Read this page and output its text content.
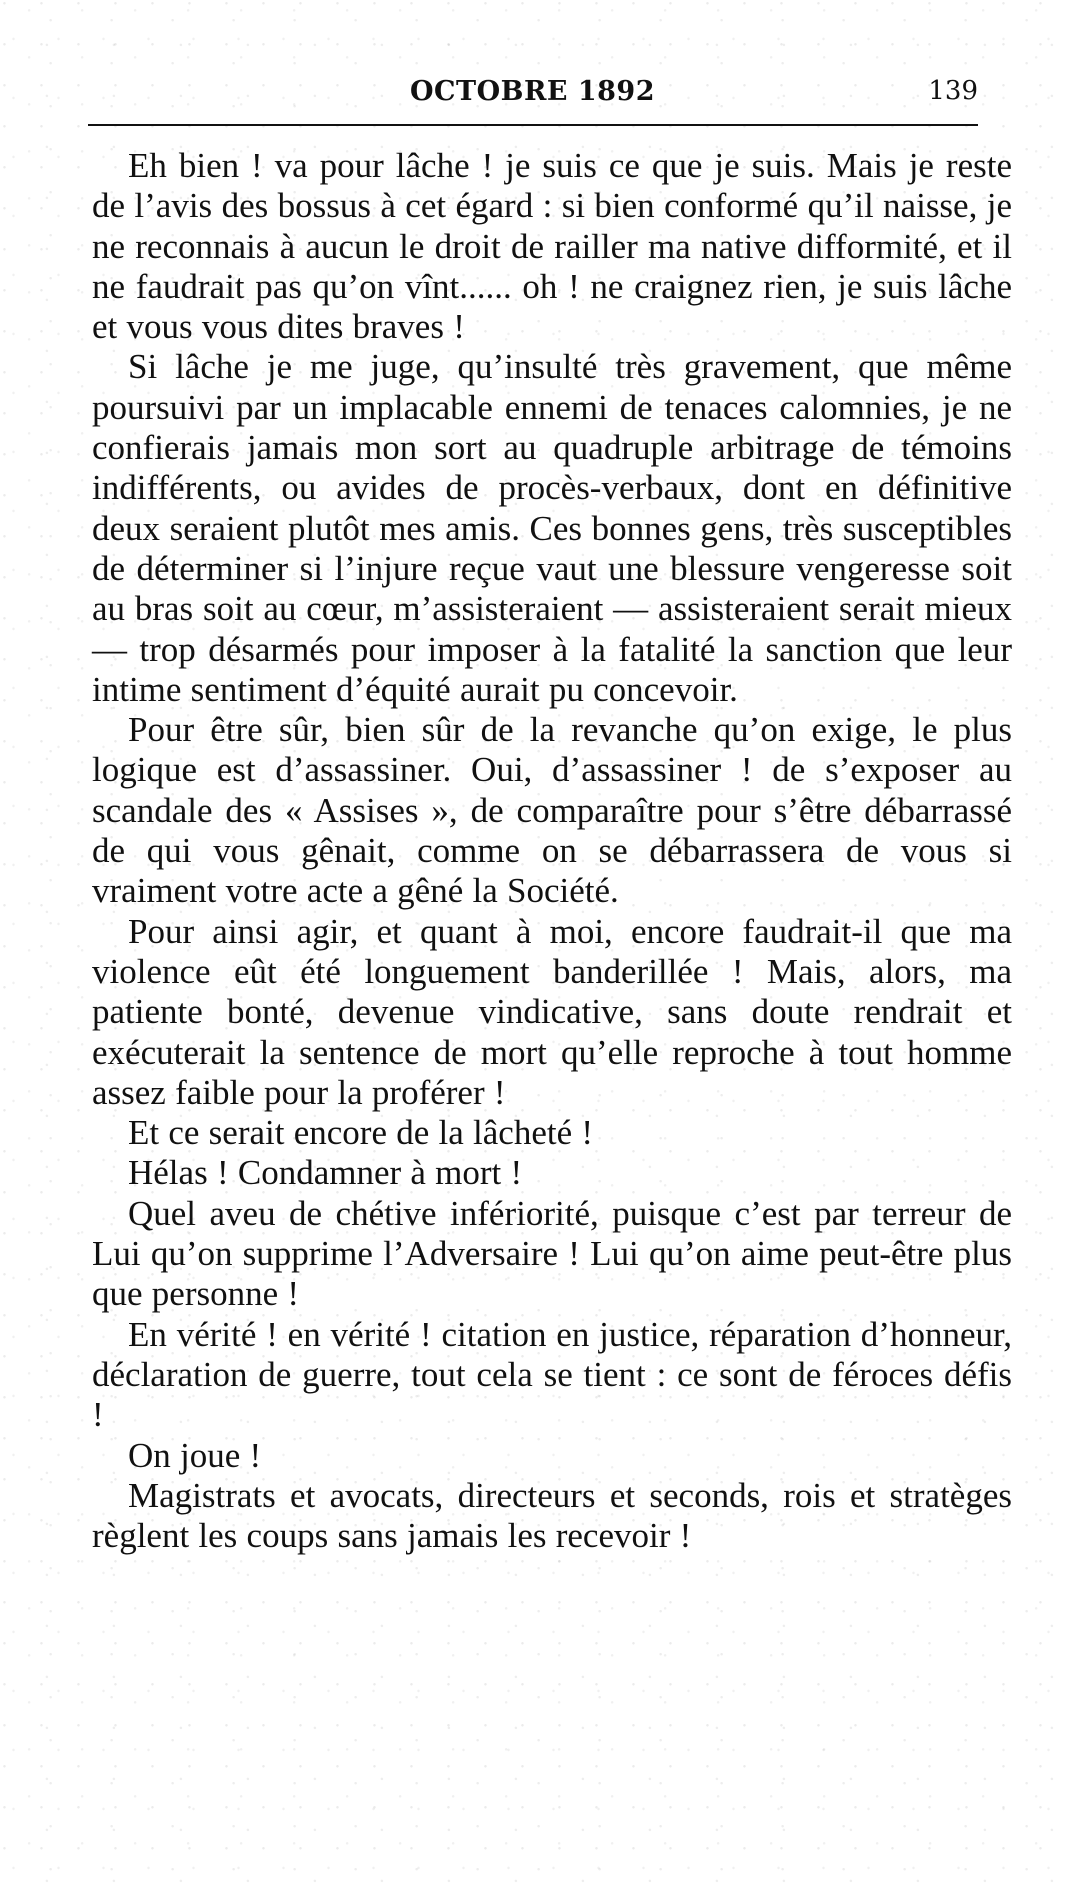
OCTOBRE 1892	139

Eh bien ! va pour lâche ! je suis ce que je suis. Mais je reste de l’avis des bossus à cet égard : si bien conformé qu’il naisse, je ne reconnais à aucun le droit de railler ma native difformité, et il ne faudrait pas qu’on vînt...... oh ! ne craignez rien, je suis lâche et vous vous dites braves !

Si lâche je me juge, qu’insulté très gravement, que même poursuivi par un implacable ennemi de tenaces calomnies, je ne confierais jamais mon sort au quadruple arbitrage de témoins indifférents, ou avides de procès-verbaux, dont en définitive deux seraient plutôt mes amis. Ces bonnes gens, très susceptibles de déterminer si l’injure reçue vaut une blessure vengeresse soit au bras soit au cœur, m’assisteraient — assisteraient serait mieux — trop désarmés pour imposer à la fatalité la sanction que leur intime sentiment d’équité aurait pu concevoir.

Pour être sûr, bien sûr de la revanche qu’on exige, le plus logique est d’assassiner. Oui, d’assassiner ! de s’exposer au scandale des « Assises », de comparaître pour s’être débarrassé de qui vous gênait, comme on se débarrassera de vous si vraiment votre acte a gêné la Société.

Pour ainsi agir, et quant à moi, encore faudrait-il que ma violence eût été longuement banderillée ! Mais, alors, ma patiente bonté, devenue vindicative, sans doute rendrait et exécuterait la sentence de mort qu’elle reproche à tout homme assez faible pour la proférer !

Et ce serait encore de la lâcheté !

Hélas ! Condamner à mort !

Quel aveu de chétive infériorité, puisque c’est par terreur de Lui qu’on supprime l’Adversaire ! Lui qu’on aime peut-être plus que personne !

En vérité ! en vérité ! citation en justice, réparation d’honneur, déclaration de guerre, tout cela se tient : ce sont de féroces défis !

On joue !

Magistrats et avocats, directeurs et seconds, rois et stratèges règlent les coups sans jamais les recevoir !
